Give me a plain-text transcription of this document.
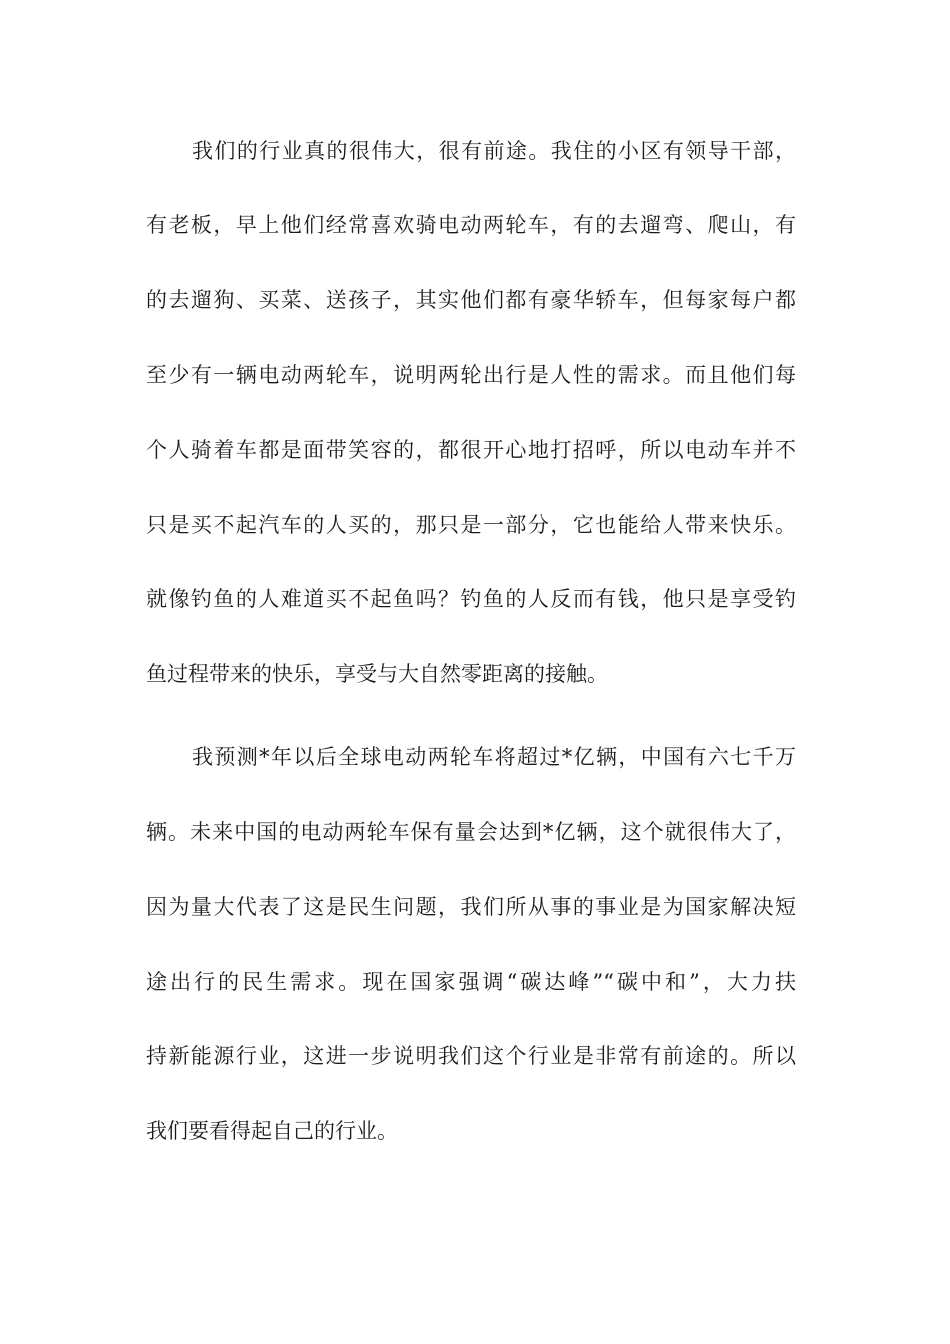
我们的行业真的很伟大，很有前途。我住的小区有领导干部，
有老板，早上他们经常喜欢骑电动两轮车，有的去遛弯、爬山，有
的去遛狗、买菜、送孩子，其实他们都有豪华轿车，但每家每户都
至少有一辆电动两轮车，说明两轮出行是人性的需求。而且他们每
个人骑着车都是面带笑容的，都很开心地打招呼，所以电动车并不
只是买不起汽车的人买的，那只是一部分，它也能给人带来快乐。
就像钓鱼的人难道买不起鱼吗？钓鱼的人反而有钱，他只是享受钓
鱼过程带来的快乐，享受与大自然零距离的接触。
我预测*年以后全球电动两轮车将超过*亿辆，中国有六七千万
辆。未来中国的电动两轮车保有量会达到*亿辆，这个就很伟大了，
因为量大代表了这是民生问题，我们所从事的事业是为国家解决短
途出行的民生需求。现在国家强调“碳达峰”“碳中和”，大力扶
持新能源行业，这进一步说明我们这个行业是非常有前途的。所以
我们要看得起自己的行业。
